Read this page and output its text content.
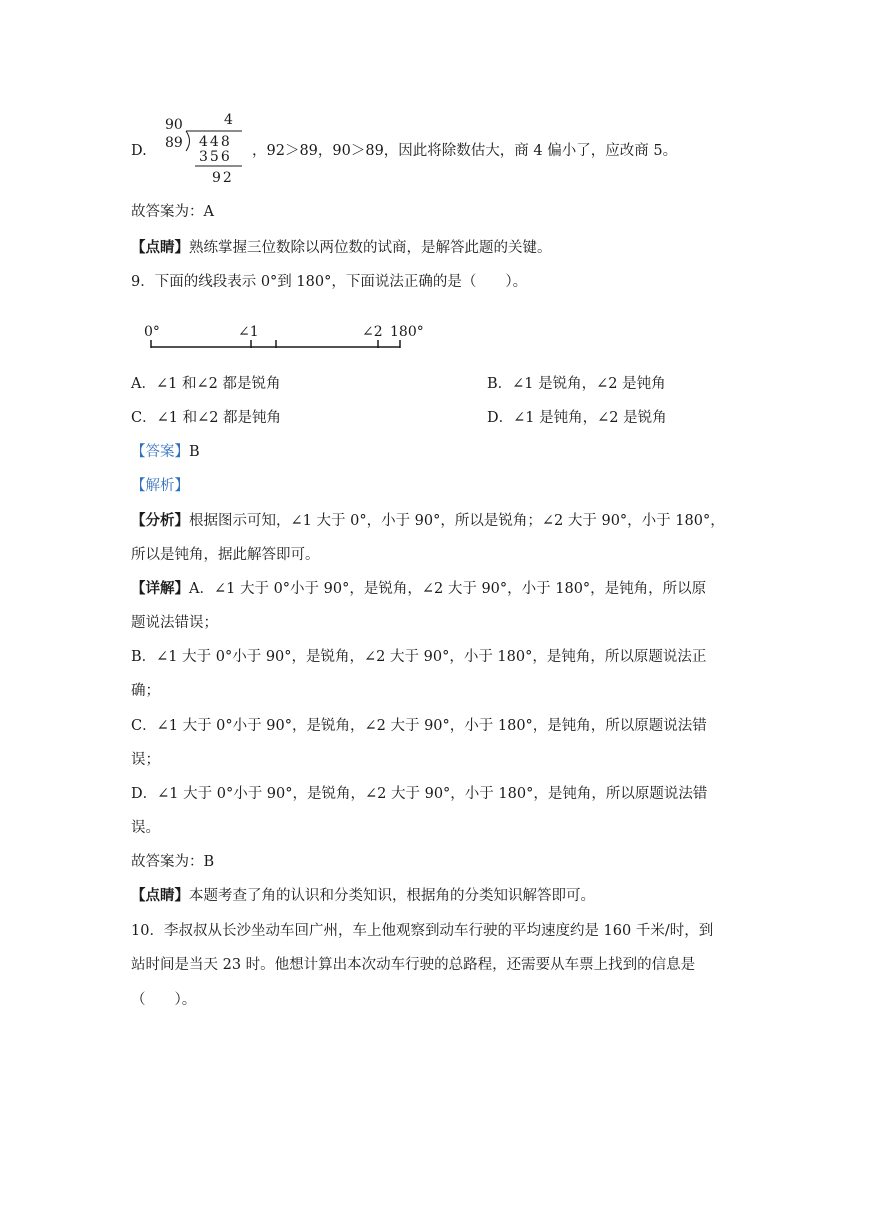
D.
90	4
89 448
356
92
，92＞89，90＞89，因此将除数估大，商 4 偏小了，应改商 5。
故答案为：A
【点睛】熟练掌握三位数除以两位数的试商，是解答此题的关键。
9．下面的线段表示 0°到 180°，下面说法正确的是（　　）。
0°	∠1	∠2 180°
A．∠1 和∠2 都是锐角	B．∠1 是锐角，∠2 是钝角
C．∠1 和∠2 都是钝角	D．∠1 是钝角，∠2 是锐角
【答案】B
【解析】
【分析】根据图示可知，∠1 大于 0°，小于 90°，所以是锐角；∠2 大于 90°，小于 180°，
所以是钝角，据此解答即可。
【详解】A．∠1 大于 0°小于 90°，是锐角，∠2 大于 90°，小于 180°，是钝角，所以原
题说法错误；
B．∠1 大于 0°小于 90°，是锐角，∠2 大于 90°，小于 180°，是钝角，所以原题说法正
确；
C．∠1 大于 0°小于 90°，是锐角，∠2 大于 90°，小于 180°，是钝角，所以原题说法错
误；
D．∠1 大于 0°小于 90°，是锐角，∠2 大于 90°，小于 180°，是钝角，所以原题说法错
误。
故答案为：B
【点睛】本题考查了角的认识和分类知识，根据角的分类知识解答即可。
10．李叔叔从长沙坐动车回广州，车上他观察到动车行驶的平均速度约是 160 千米/时，到
站时间是当天 23 时。他想计算出本次动车行驶的总路程，还需要从车票上找到的信息是
（　　）。
